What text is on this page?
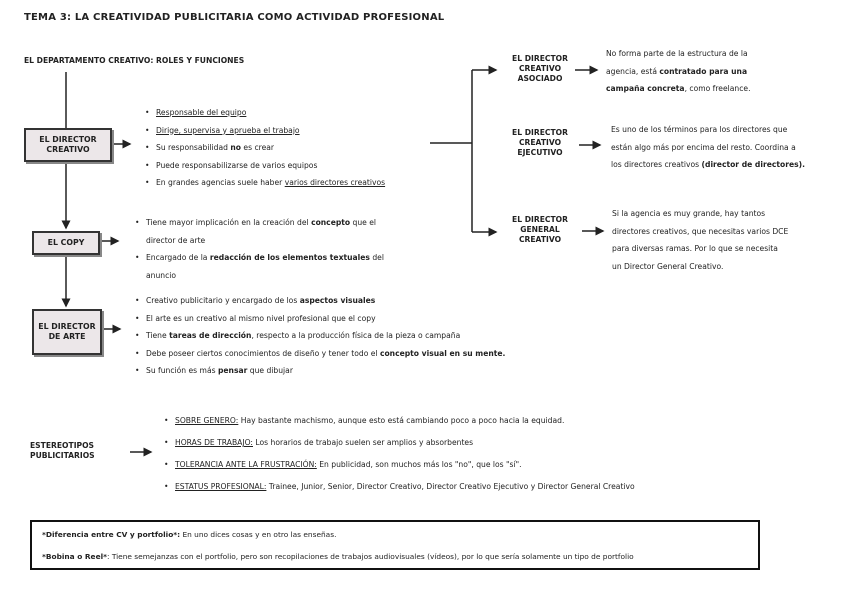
TEMA 3: LA CREATIVIDAD PUBLICITARIA COMO ACTIVIDAD PROFESIONAL
EL DEPARTAMENTO CREATIVO: ROLES Y FUNCIONES
EL DIRECTOR CREATIVO
EL COPY
EL DIRECTOR DE ARTE
• Responsable del equipo
• Dirige, supervisa y aprueba el trabajo
• Su responsabilidad no es crear
• Puede responsabilizarse de varios equipos
• En grandes agencias suele haber varios directores creativos
• Tiene mayor implicación en la creación del concepto que el
director de arte
• Encargado de la redacción de los elementos textuales del
anuncio
• Creativo publicitario y encargado de los aspectos visuales
• El arte es un creativo al mismo nivel profesional que el copy
• Tiene tareas de dirección, respecto a la producción física de la pieza o campaña
• Debe poseer ciertos conocimientos de diseño y tener todo el concepto visual en su mente.
• Su función es más pensar que dibujar
EL DIRECTOR CREATIVO ASOCIADO
EL DIRECTOR CREATIVO EJECUTIVO
EL DIRECTOR GENERAL CREATIVO
No forma parte de la estructura de la
agencia, está contratado para una
campaña concreta, como freelance.
Es uno de los términos para los directores que
están algo más por encima del resto. Coordina a
los directores creativos (director de directores).
Si la agencia es muy grande, hay tantos
directores creativos, que necesitas varios DCE
para diversas ramas. Por lo que se necesita
un Director General Creativo.
ESTEREOTIPOS PUBLICITARIOS
• SOBRE GENERO: Hay bastante machismo, aunque esto está cambiando poco a poco hacia la equidad.
• HORAS DE TRABAJO: Los horarios de trabajo suelen ser amplios y absorbentes
• TOLERANCIA ANTE LA FRUSTRACIÓN: En publicidad, son muchos más los "no", que los "sí".
• ESTATUS PROFESIONAL: Trainee, Junior, Senior, Director Creativo, Director Creativo Ejecutivo y Director General Creativo

*Diferencia entre CV y portfolio*: En uno dices cosas y en otro las enseñas.

*Bobina o Reel*: Tiene semejanzas con el portfolio, pero son recopilaciones de trabajos audiovisuales (vídeos), por lo que sería solamente un tipo de portfolio
